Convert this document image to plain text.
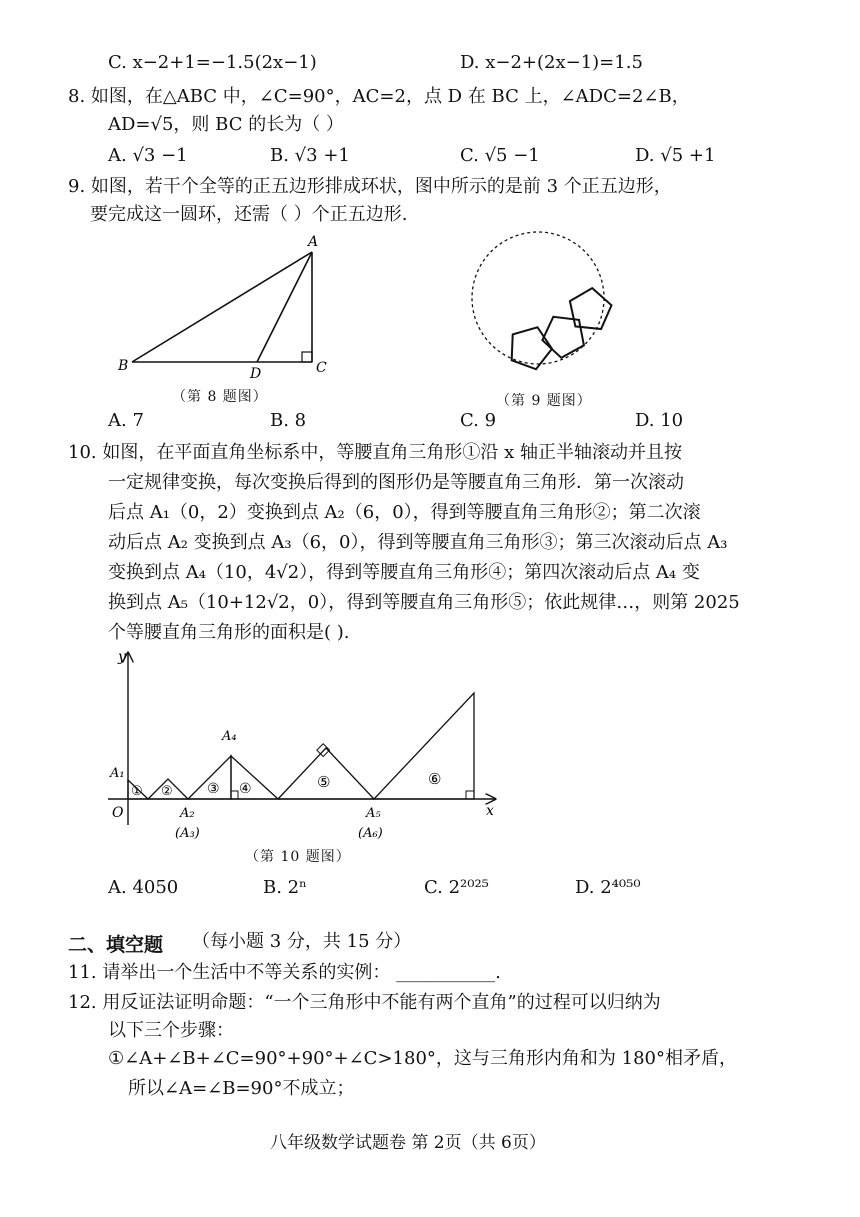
C. x−2+1=−1.5(2x−1)	D. x−2+(2x−1)=1.5
8. 如图，在△ABC 中，∠C=90°，AC=2，点 D 在 BC 上，∠ADC=2∠B，
AD=√5，则 BC 的长为（ ）
A. √3 −1	B. √3 +1	C. √5 −1	D. √5 +1
9. 如图，若干个全等的正五边形排成环状，图中所示的是前 3 个正五边形，
要完成这一圆环，还需（ ）个正五边形.
A
B	C
D
（第 8 题图）	（第 9 题图）
A. 7	B. 8	C. 9	D. 10
10. 如图，在平面直角坐标系中，等腰直角三角形①沿 x 轴正半轴滚动并且按
一定规律变换，每次变换后得到的图形仍是等腰直角三角形．第一次滚动
后点 A₁（0，2）变换到点 A₂（6，0），得到等腰直角三角形②；第二次滚
动后点 A₂ 变换到点 A₃（6，0），得到等腰直角三角形③；第三次滚动后点 A₃
变换到点 A₄（10，4√2），得到等腰直角三角形④；第四次滚动后点 A₄ 变
换到点 A₅（10+12√2，0），得到等腰直角三角形⑤；依此规律…，则第 2025
个等腰直角三角形的面积是( ).
y
x
O
A₁
A₂
(A₃)
A₄
A₅
(A₆)
① ② ③ ④	⑤	⑥
（第 10 题图）
A. 4050	B. 2ⁿ	C. 2²⁰²⁵	D. 2⁴⁰⁵⁰
二、填空题 （每小题 3 分，共 15 分）
11. 请举出一个生活中不等关系的实例： ___________.
12. 用反证法证明命题：“一个三角形中不能有两个直角”的过程可以归纳为
以下三个步骤：
①∠A+∠B+∠C=90°+90°+∠C>180°，这与三角形内角和为 180°相矛盾，
所以∠A=∠B=90°不成立；
八年级数学试题卷 第 2页（共 6页）
